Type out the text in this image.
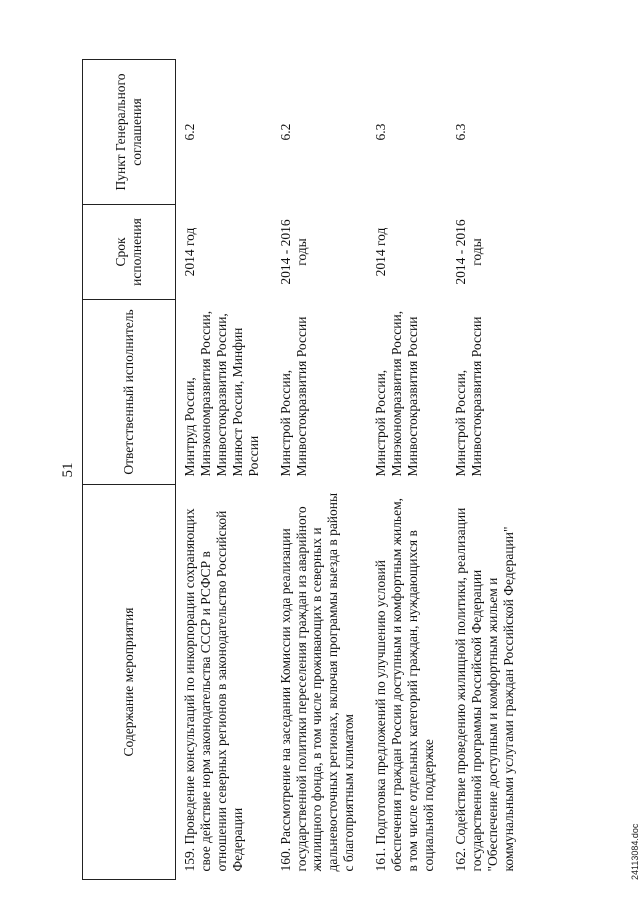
51
Содержание мероприятия	Ответственный исполнитель	Срок исполнения	Пункт Генерального соглашения
159. Проведение консультаций по инкорпорации сохраняющих свое действие норм законодательства СССР и РСФСР в отношении северных регионов в законодательство Российской Федерации	Минтруд России, Минэкономразвития России, Минвостокразвития России, Минюст России, Минфин России	2014 год	6.2
160. Рассмотрение на заседании Комиссии хода реализации государственной политики переселения граждан из аварийного жилищного фонда, в том числе проживающих в северных и дальневосточных регионах, включая программы выезда в районы с благоприятным климатом	Минстрой России, Минвостокразвития России	2014 - 2016 годы	6.2
161. Подготовка предложений по улучшению условий обеспечения граждан России доступным и комфортным жильем, в том числе отдельных категорий граждан, нуждающихся в социальной поддержке	Минстрой России, Минэкономразвития России, Минвостокразвития России	2014 год	6.3
162. Содействие проведению жилищной политики, реализации государственной программы Российской Федерации "Обеспечение доступным и комфортным жильем и коммунальными услугами граждан Российской Федерации"	Минстрой России, Минвостокразвития России	2014 - 2016 годы	6.3
24113084.doc
